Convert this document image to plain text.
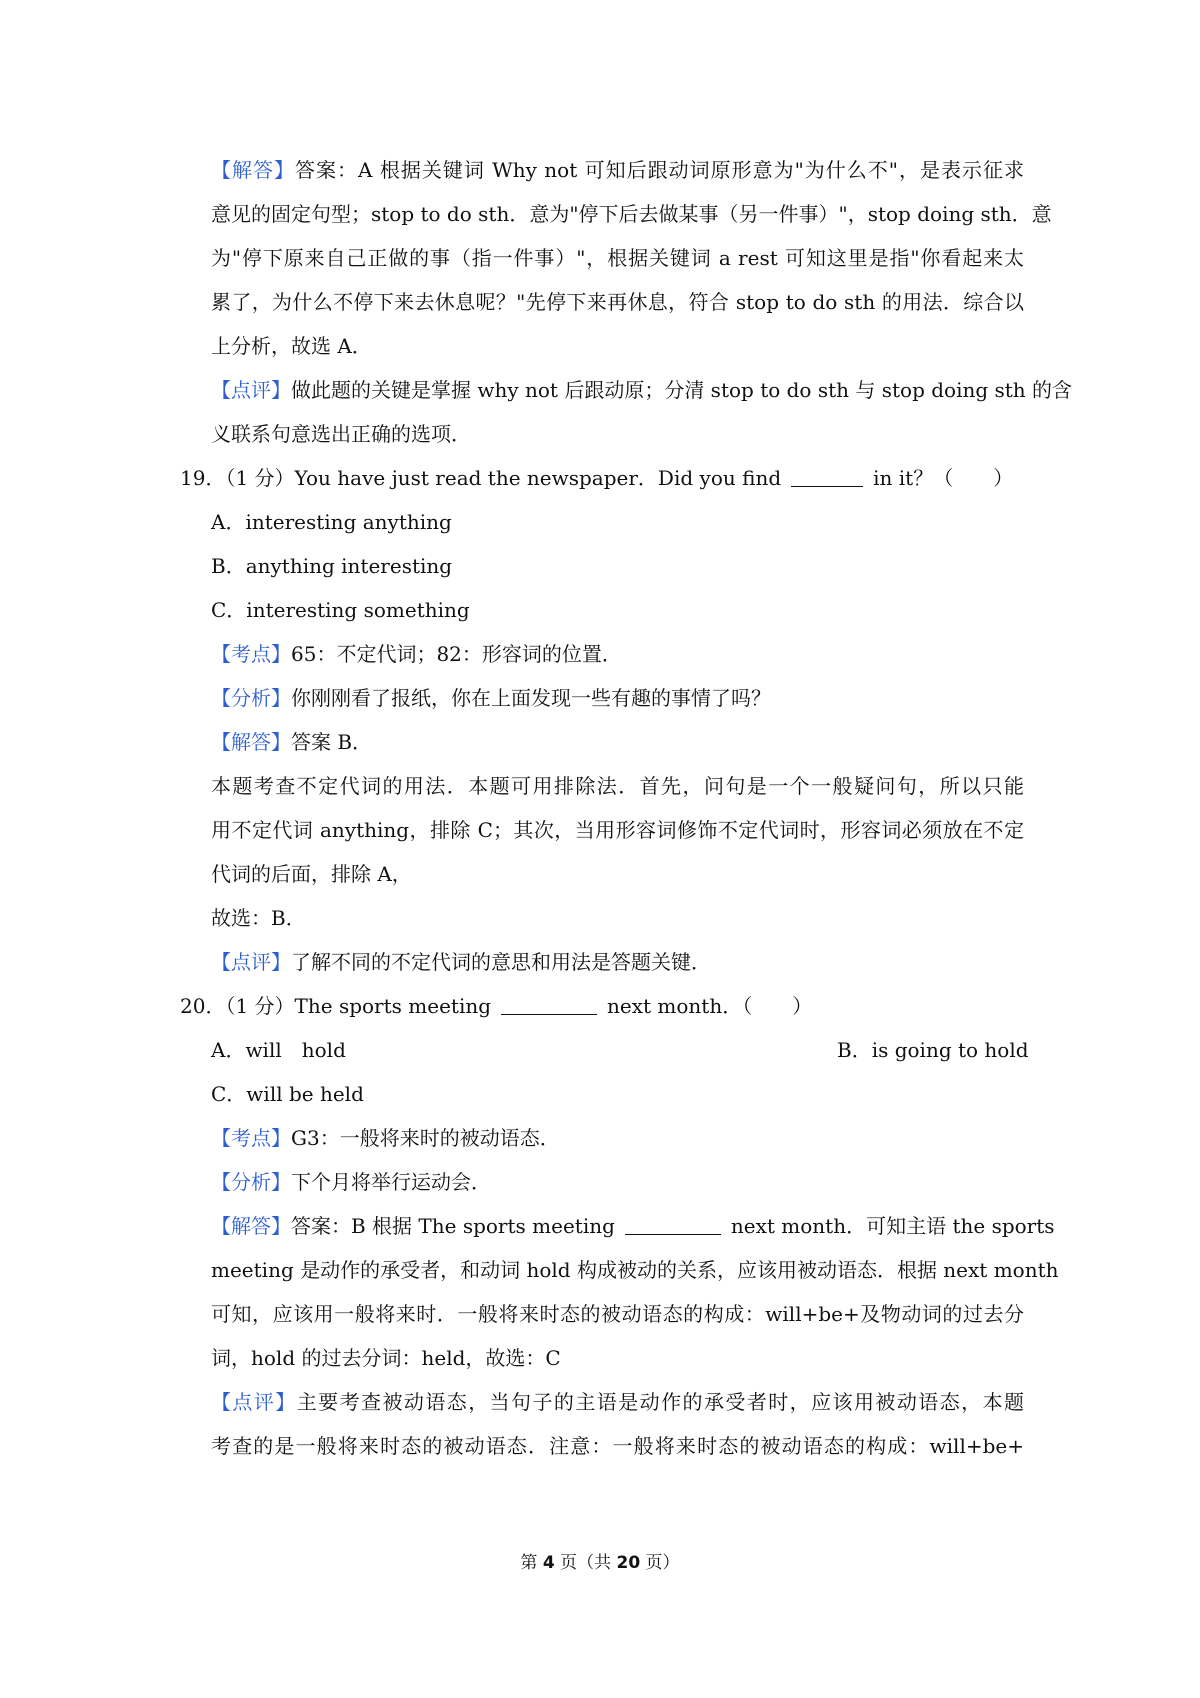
【解答】答案：A 根据关键词 Why not 可知后跟动词原形意为"为什么不"，是表示征求
意见的固定句型；stop to do sth．意为"停下后去做某事（另一件事）"，stop doing sth．意
为"停下原来自己正做的事（指一件事）"，根据关键词 a rest 可知这里是指"你看起来太
累了，为什么不停下来去休息呢？"先停下来再休息，符合 stop to do sth 的用法．综合以
上分析，故选 A．
【点评】做此题的关键是掌握 why not 后跟动原；分清 stop to do sth 与 stop doing sth 的含
义联系句意选出正确的选项．
19．（1 分）You have just read the newspaper．Did you find	in it？（　　）
A．interesting anything
B．anything interesting
C．interesting something
【考点】65：不定代词；82：形容词的位置．
【分析】你刚刚看了报纸，你在上面发现一些有趣的事情了吗？
【解答】答案 B．
本题考查不定代词的用法．本题可用排除法．首先，问句是一个一般疑问句，所以只能
用不定代词 anything，排除 C；其次，当用形容词修饰不定代词时，形容词必须放在不定
代词的后面，排除 A，
故选：B．
【点评】了解不同的不定代词的意思和用法是答题关键．
20．（1 分）The sports meeting	next month．（　　）
A．will　hold	B．is going to hold
C．will be held
【考点】G3：一般将来时的被动语态．
【分析】下个月将举行运动会．
【解答】答案：B 根据 The sports meeting	next month．可知主语 the sports
meeting 是动作的承受者，和动词 hold 构成被动的关系，应该用被动语态．根据 next month
可知，应该用一般将来时．一般将来时态的被动语态的构成：will+be+及物动词的过去分
词，hold 的过去分词：held，故选：C
【点评】主要考查被动语态，当句子的主语是动作的承受者时，应该用被动语态，本题
考查的是一般将来时态的被动语态．注意：一般将来时态的被动语态的构成：will+be+
第 4 页（共 20 页）
